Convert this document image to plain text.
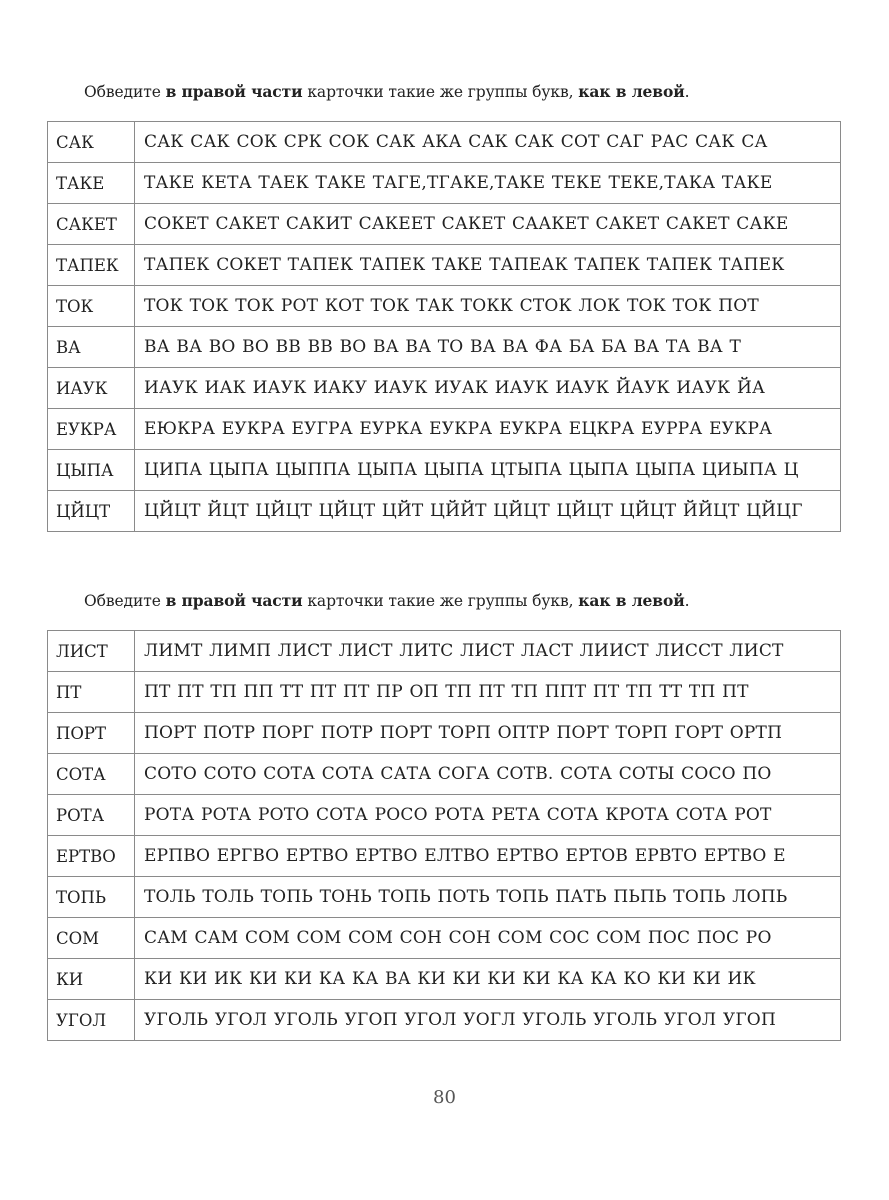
Обведите в правой части карточки такие же группы букв, как в левой.
САК	САК САК СОК СРК СОК САК АКА САК САК СОТ САГ РАС САК СА
ТАКЕ	ТАКЕ КЕТА ТАЕК ТАКЕ ТАГЕ,ТГАКЕ,ТАКЕ ТЕКЕ ТЕКЕ,ТАКА ТАКЕ
САКЕТ	СОКЕТ САКЕТ САКИТ САКЕЕТ САКЕТ СААКЕТ САКЕТ САКЕТ САКЕ
ТАПЕК	ТАПЕК СОКЕТ ТАПЕК ТАПЕК ТАКЕ ТАПЕАК ТАПЕК ТАПЕК ТАПЕК
ТОК	ТОК ТОК ТОК РОТ КОТ ТОК ТАК ТОКК СТОК ЛОК ТОК ТОК ПОТ
ВА	ВА ВА ВО ВО ВВ ВВ ВО ВА ВА ТО ВА ВА ФА БА БА ВА ТА ВА Т
ИАУК	ИАУК ИАК ИАУК ИАКУ ИАУК ИУАК ИАУК ИАУК ЙАУК ИАУК ЙА
ЕУКРА	ЕЮКРА ЕУКРА ЕУГРА ЕУРКА ЕУКРА ЕУКРА ЕЦКРА ЕУРРА ЕУКРА
ЦЫПА	ЦИПА ЦЫПА ЦЫППА ЦЫПА ЦЫПА ЦТЫПА ЦЫПА ЦЫПА ЦИЫПА Ц
ЦЙЦТ	ЦЙЦТ ЙЦТ ЦЙЦТ ЦЙЦТ ЦЙТ ЦЙЙТ ЦЙЦТ ЦЙЦТ ЦЙЦТ ЙЙЦТ ЦЙЦГ
Обведите в правой части карточки такие же группы букв, как в левой.
ЛИСТ	ЛИМТ ЛИМП ЛИСТ ЛИСТ ЛИТС ЛИСТ ЛАСТ ЛИИСТ ЛИССТ ЛИСТ
ПТ	ПТ ПТ ТП ПП ТТ ПТ ПТ ПР ОП ТП ПТ ТП ППТ ПТ ТП ТТ ТП ПТ
ПОРТ	ПОРТ ПОТР ПОРГ ПОТР ПОРТ ТОРП ОПТР ПОРТ ТОРП ГОРТ ОРТП
СОТА	СОТО СОТО СОТА СОТА САТА СОГА СОТВ. СОТА СОТЫ СОСО ПО
РОТА	РОТА РОТА РОТО СОТА РОСО РОТА РЕТА СОТА КРОТА СОТА РОТ
ЕРТВО	ЕРПВО ЕРГВО ЕРТВО ЕРТВО ЕЛТВО ЕРТВО ЕРТОВ ЕРВТО ЕРТВО Е
ТОПЬ	ТОЛЬ ТОЛЬ ТОПЬ ТОНЬ ТОПЬ ПОТЬ ТОПЬ ПАТЬ ПЬПЬ ТОПЬ ЛОПЬ
СОМ	САМ САМ СОМ СОМ СОМ СОН СОН СОМ СОС СОМ ПОС ПОС РО
КИ	КИ КИ ИК КИ КИ КА КА ВА КИ КИ КИ КИ КА КА КО КИ КИ ИК
УГОЛ	УГОЛЬ УГОЛ УГОЛЬ УГОП УГОЛ УОГЛ УГОЛЬ УГОЛЬ УГОЛ УГОП
80
